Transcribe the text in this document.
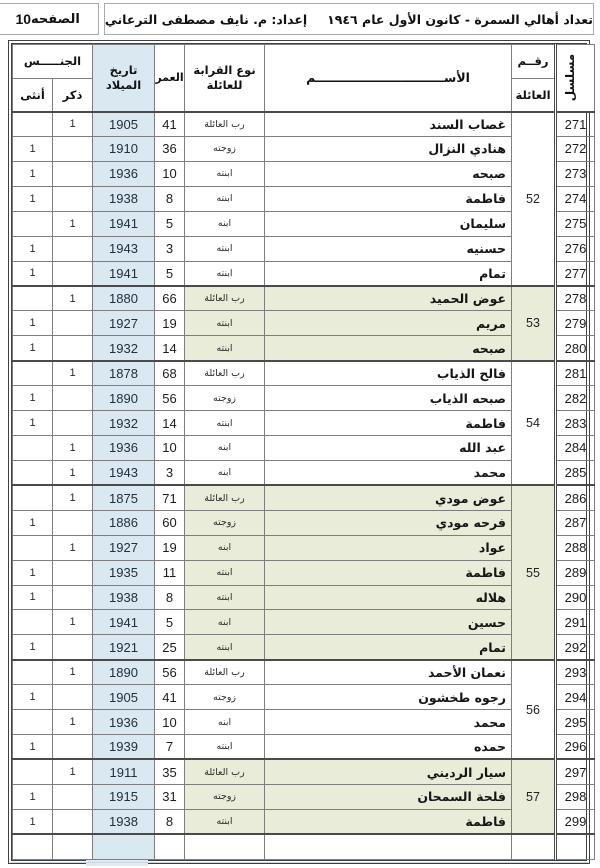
تعداد أهالي السمرة - كانون الأول عام ١٩٤٦
إعداد: م. نايف مصطفى الترعاني
الصفحه
10
مسلسل	رقــم	الأســــــــــــــــــــــــــــــم	نوع القرابة للعائلة	العمر	تاريخ الميلاد	الجنـــــس	
	العائلة					ذكر	أنثى
271	52	غصاب السند	رب العائلة	41	1905	1	
272		هنادي النزال	زوجته	36	1910		1
273		صبحه	ابنته	10	1936		1
274		فاطمة	ابنته	8	1938		1
275		سليمان	ابنه	5	1941	1	
276		حسنيه	ابنته	3	1943		1
277		تمام	ابنته	5	1941		1
278	53	عوض الحميد	رب العائلة	66	1880	1	
279		مريم	ابنته	19	1927		1
280		صبحه	ابنته	14	1932		1
281	54	فالح الذياب	رب العائلة	68	1878	1	
282		صبحه الذياب	زوجته	56	1890		1
283		فاطمة	ابنته	14	1932		1
284		عبد الله	ابنه	10	1936	1	
285		محمد	ابنه	3	1943	1	
286	55	عوض مودي	رب العائلة	71	1875	1	
287		فرحه مودي	زوجته	60	1886		1
288		عواد	ابنه	19	1927	1	
289		فاطمة	ابنته	11	1935		1
290		هلاله	ابنته	8	1938		1
291		حسين	ابنه	5	1941	1	
292		تمام	ابنته	25	1921		1
293	56	نعمان الأحمد	رب العائلة	56	1890	1	
294		رجوه طخشون	زوجته	41	1905		1
295		محمد	ابنه	10	1936	1	
296		حمده	ابنته	7	1939		1
297	57	سيار الرديني	رب العائلة	35	1911	1	
298		فلحة السمحان	زوجته	31	1915		1
299		فاطمة	ابنته	8	1938		1
